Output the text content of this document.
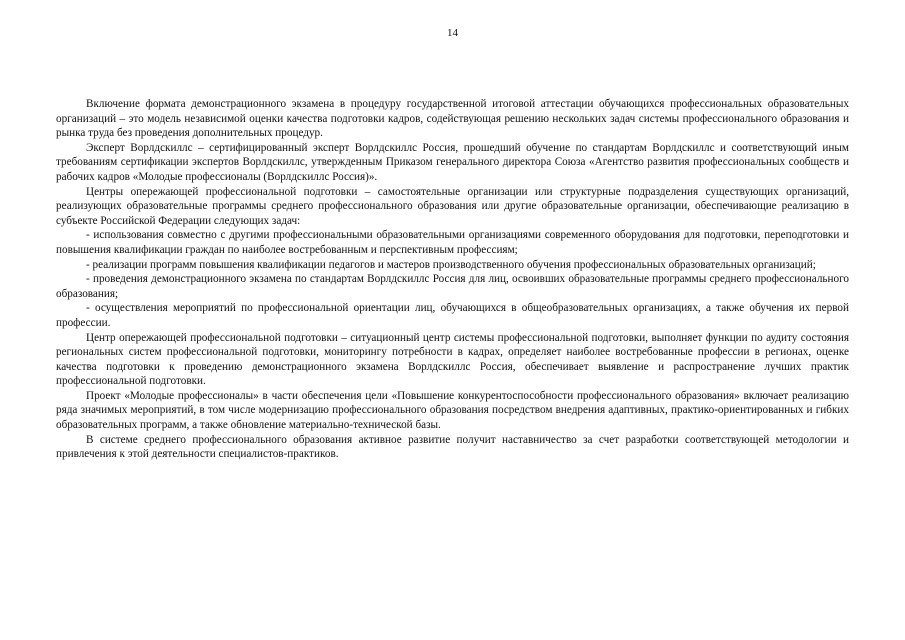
14

Включение формата демонстрационного экзамена в процедуру государственной итоговой аттестации обучающихся профессиональных образовательных организаций – это модель независимой оценки качества подготовки кадров, содействующая решению нескольких задач системы профессионального образования и рынка труда без проведения дополнительных процедур.

Эксперт Ворлдскиллс – сертифицированный эксперт Ворлдскиллс Россия, прошедший обучение по стандартам Ворлдскиллс и соответствующий иным требованиям сертификации экспертов Ворлдскиллс, утвержденным Приказом генерального директора Союза «Агентство развития профессиональных сообществ и рабочих кадров «Молодые профессионалы (Ворлдскиллс Россия)».

Центры опережающей профессиональной подготовки – самостоятельные организации или структурные подразделения существующих организаций, реализующих образовательные программы среднего профессионального образования или другие образовательные организации, обеспечивающие реализацию в субъекте Российской Федерации следующих задач:

- использования совместно с другими профессиональными образовательными организациями современного оборудования для подготовки, переподготовки и повышения квалификации граждан по наиболее востребованным и перспективным профессиям;

- реализации программ повышения квалификации педагогов и мастеров производственного обучения профессиональных образовательных организаций;

- проведения демонстрационного экзамена по стандартам Ворлдскиллс Россия для лиц, освоивших образовательные программы среднего профессионального образования;

- осуществления мероприятий по профессиональной ориентации лиц, обучающихся в общеобразовательных организациях, а также обучения их первой профессии.

Центр опережающей профессиональной подготовки – ситуационный центр системы профессиональной подготовки, выполняет функции по аудиту состояния региональных систем профессиональной подготовки, мониторингу потребности в кадрах, определяет наиболее востребованные профессии в регионах, оценке качества подготовки к проведению демонстрационного экзамена Ворлдскиллс Россия, обеспечивает выявление и распространение лучших практик профессиональной подготовки.

Проект «Молодые профессионалы» в части обеспечения цели «Повышение конкурентоспособности профессионального образования» включает реализацию ряда значимых мероприятий, в том числе модернизацию профессионального образования посредством внедрения адаптивных, практико-ориентированных и гибких образовательных программ, а также обновление материально-технической базы.

В системе среднего профессионального образования активное развитие получит наставничество за счет разработки соответствующей методологии и привлечения к этой деятельности специалистов-практиков.
